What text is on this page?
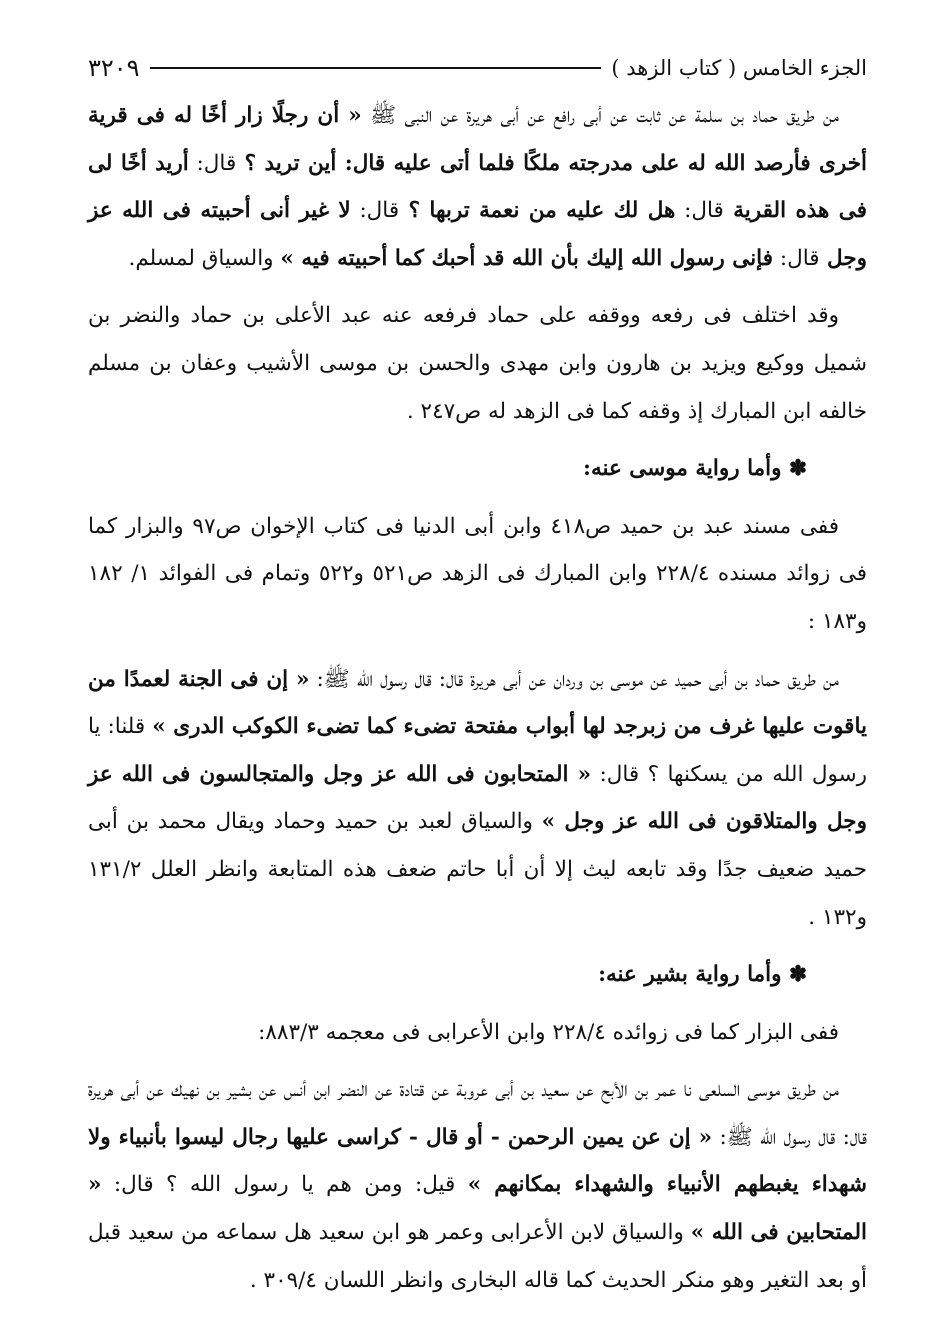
الجزء الخامس ( كتاب الزهد )
٣٢٠٩

من طريق حماد بن سلمة عن ثابت عن أبى رافع عن أبى هريرة عن النبى ﷺ « أن رجلًا زار أخًا له فى قرية أخرى فأرصد الله له على مدرجته ملكًا فلما أتى عليه قال: أين تريد ؟ قال: أريد أخًا لى فى هذه القرية قال: هل لك عليه من نعمة تربها ؟ قال: لا غير أنى أحبيته فى الله عز وجل قال: فإنى رسول الله إليك بأن الله قد أحبك كما أحبيته فيه » والسياق لمسلم.

وقد اختلف فى رفعه ووقفه على حماد فرفعه عنه عبد الأعلى بن حماد والنضر بن شميل ووكيع ويزيد بن هارون وابن مهدى والحسن بن موسى الأشيب وعفان بن مسلم خالفه ابن المبارك إذ وقفه كما فى الزهد له ص٢٤٧ .

✽ وأما رواية موسى عنه:

ففى مسند عبد بن حميد ص٤١٨ وابن أبى الدنيا فى كتاب الإخوان ص٩٧ والبزار كما فى زوائد مسنده ٢٢٨/٤ وابن المبارك فى الزهد ص٥٢١ و٥٢٢ وتمام فى الفوائد ١/ ١٨٢ و١٨٣ :

من طريق حماد بن أبى حميد عن موسى بن وردان عن أبى هريرة قال: قال رسول الله ﷺ: « إن فى الجنة لعمدًا من ياقوت عليها غرف من زبرجد لها أبواب مفتحة تضىء كما تضىء الكوكب الدرى » قلنا: يا رسول الله من يسكنها ؟ قال: « المتحابون فى الله عز وجل والمتجالسون فى الله عز وجل والمتلاقون فى الله عز وجل » والسياق لعبد بن حميد وحماد ويقال محمد بن أبى حميد ضعيف جدًا وقد تابعه ليث إلا أن أبا حاتم ضعف هذه المتابعة وانظر العلل ١٣١/٢ و١٣٢ .

✽ وأما رواية بشير عنه:

ففى البزار كما فى زوائده ٢٢٨/٤ وابن الأعرابى فى معجمه ٨٨٣/٣:

من طريق موسى السلعى نا عمر بن الأبح عن سعيد بن أبى عروبة عن قتادة عن النضر ابن أنس عن بشير بن نهيك عن أبى هريرة قال: قال رسول الله ﷺ: « إن عن يمين الرحمن - أو قال - كراسى عليها رجال ليسوا بأنبياء ولا شهداء يغبطهم الأنبياء والشهداء بمكانهم » قيل: ومن هم يا رسول الله ؟ قال: « المتحابين فى الله » والسياق لابن الأعرابى وعمر هو ابن سعيد هل سماعه من سعيد قبل أو بعد التغير وهو منكر الحديث كما قاله البخارى وانظر اللسان ٣٠٩/٤ .
